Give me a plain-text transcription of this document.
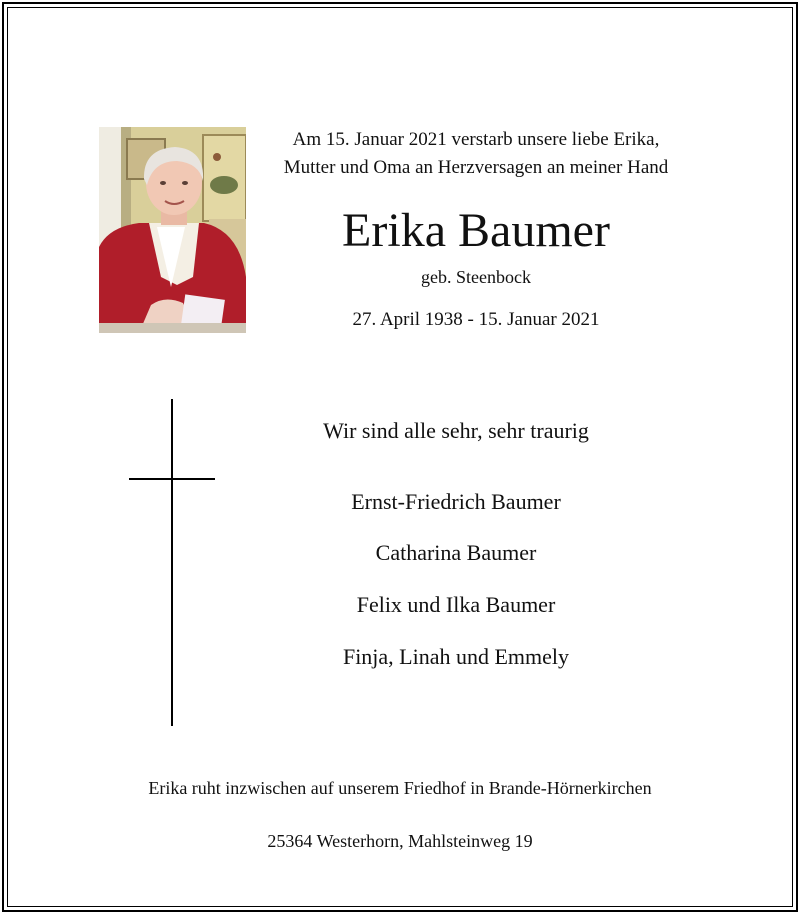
Am 15. Januar 2021 verstarb unsere liebe Erika,
Mutter und Oma an Herzversagen an meiner Hand
Erika Baumer
geb. Steenbock
27. April 1938 - 15. Januar 2021
Wir sind alle sehr, sehr traurig
Ernst-Friedrich Baumer
Catharina Baumer
Felix und Ilka Baumer
Finja, Linah und Emmely
Erika ruht inzwischen auf unserem Friedhof in Brande-Hörnerkirchen
25364 Westerhorn, Mahlsteinweg 19
